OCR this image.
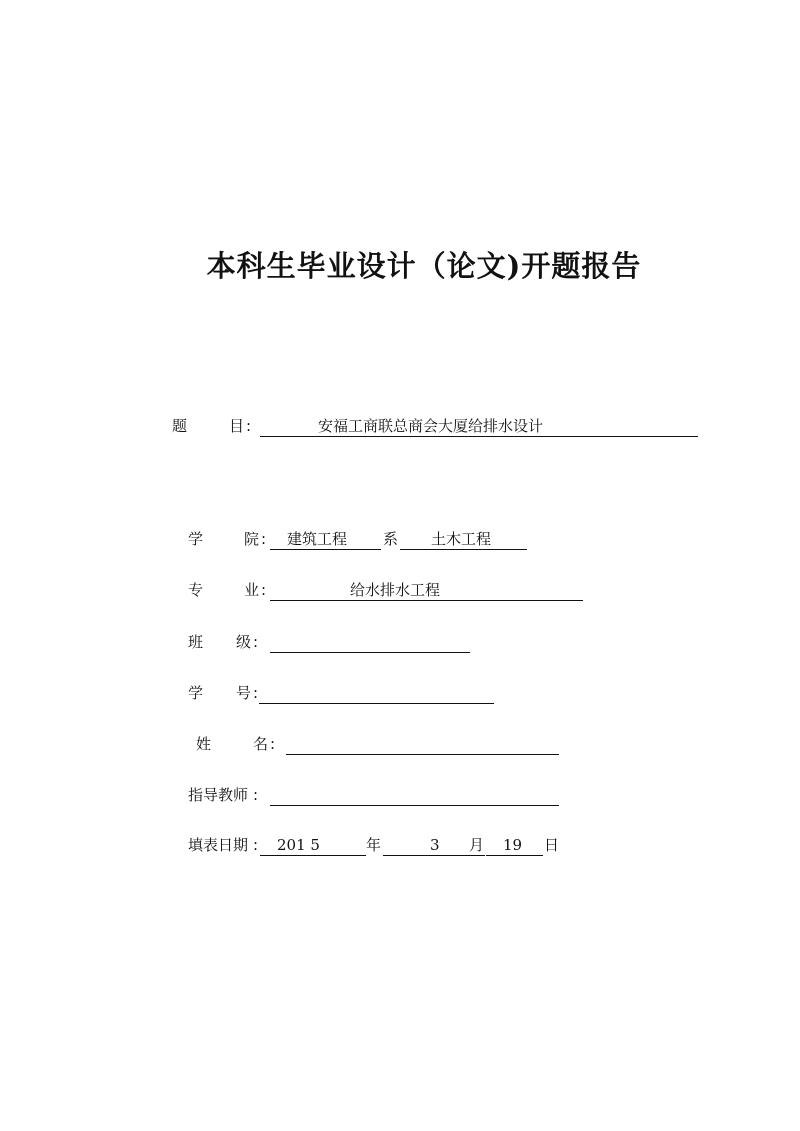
本科生毕业设计（论文)开题报告
题	目 :	安福工商联总商会大厦给排水设计
学	院 : 建筑工程 系 土木工程
专	业 :	给水排水工程
班 级 :
学 号 :
姓	名 :
指导教师 :
填表日期 : 201 5	年	3 月 19 日
